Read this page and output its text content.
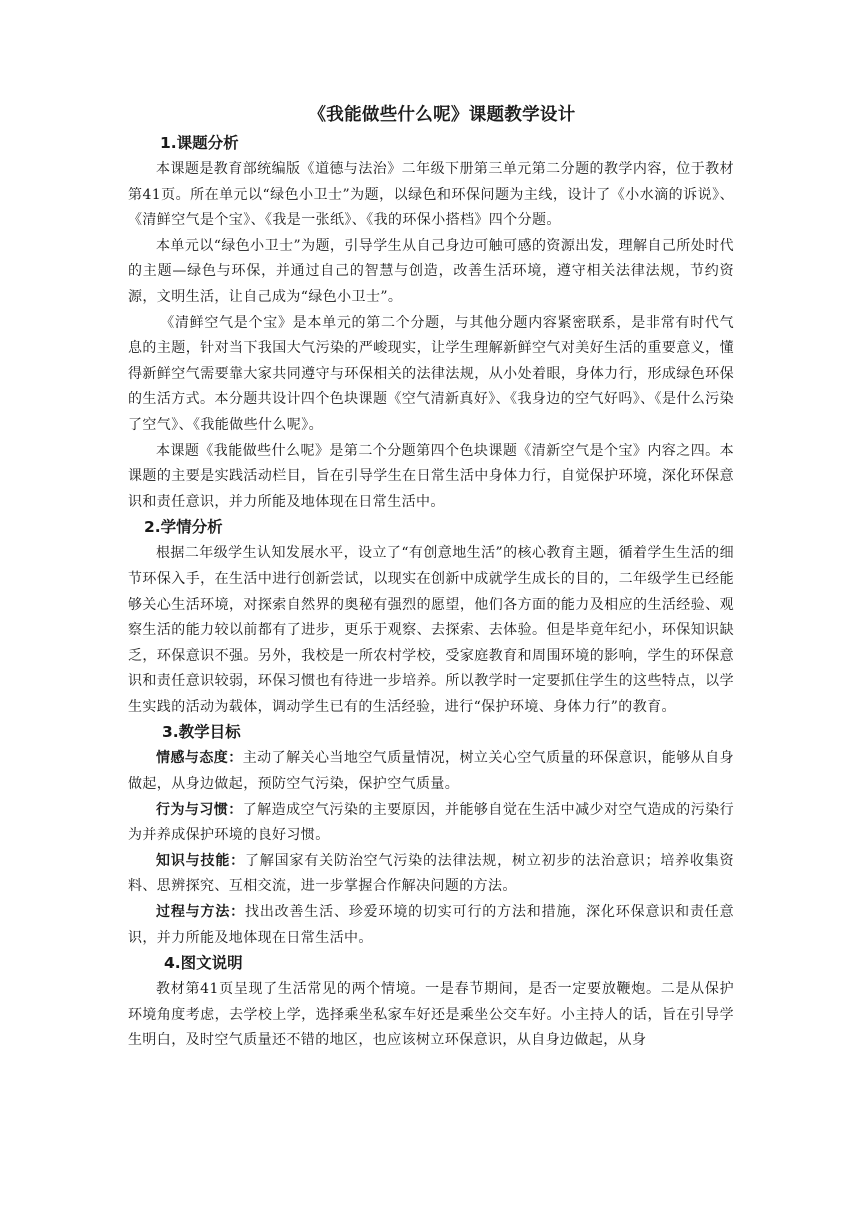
《我能做些什么呢》课题教学设计
1.课题分析

本课题是教育部统编版《道德与法治》二年级下册第三单元第二分题的教学内容，位于教材第41页。所在单元以“绿色小卫士”为题，以绿色和环保问题为主线，设计了《小水滴的诉说》、《清鲜空气是个宝》、《我是一张纸》、《我的环保小搭档》四个分题。

本单元以“绿色小卫士”为题，引导学生从自己身边可触可感的资源出发，理解自己所处时代的主题—绿色与环保，并通过自己的智慧与创造，改善生活环境，遵守相关法律法规，节约资源，文明生活，让自己成为“绿色小卫士”。

《清鲜空气是个宝》是本单元的第二个分题，与其他分题内容紧密联系，是非常有时代气息的主题，针对当下我国大气污染的严峻现实，让学生理解新鲜空气对美好生活的重要意义，懂得新鲜空气需要靠大家共同遵守与环保相关的法律法规，从小处着眼，身体力行，形成绿色环保的生活方式。本分题共设计四个色块课题《空气清新真好》、《我身边的空气好吗》、《是什么污染了空气》、《我能做些什么呢》。

本课题《我能做些什么呢》是第二个分题第四个色块课题《清新空气是个宝》内容之四。本课题的主要是实践活动栏目，旨在引导学生在日常生活中身体力行，自觉保护环境，深化环保意识和责任意识，并力所能及地体现在日常生活中。

2.学情分析

根据二年级学生认知发展水平，设立了“有创意地生活”的核心教育主题，循着学生生活的细节环保入手，在生活中进行创新尝试，以现实在创新中成就学生成长的目的，二年级学生已经能够关心生活环境，对探索自然界的奥秘有强烈的愿望，他们各方面的能力及相应的生活经验、观察生活的能力较以前都有了进步，更乐于观察、去探索、去体验。但是毕竟年纪小，环保知识缺乏，环保意识不强。另外，我校是一所农村学校，受家庭教育和周围环境的影响，学生的环保意识和责任意识较弱，环保习惯也有待进一步培养。所以教学时一定要抓住学生的这些特点，以学生实践的活动为载体，调动学生已有的生活经验，进行“保护环境、身体力行”的教育。

3.教学目标

情感与态度：主动了解关心当地空气质量情况，树立关心空气质量的环保意识，能够从自身做起，从身边做起，预防空气污染，保护空气质量。

行为与习惯：了解造成空气污染的主要原因，并能够自觉在生活中减少对空气造成的污染行为并养成保护环境的良好习惯。

知识与技能：了解国家有关防治空气污染的法律法规，树立初步的法治意识；培养收集资料、思辨探究、互相交流，进一步掌握合作解决问题的方法。

过程与方法：找出改善生活、珍爱环境的切实可行的方法和措施，深化环保意识和责任意识，并力所能及地体现在日常生活中。

4.图文说明

教材第41页呈现了生活常见的两个情境。一是春节期间，是否一定要放鞭炮。二是从保护环境角度考虑，去学校上学，选择乘坐私家车好还是乘坐公交车好。小主持人的话，旨在引导学生明白，及时空气质量还不错的地区，也应该树立环保意识，从自身边做起，从身
